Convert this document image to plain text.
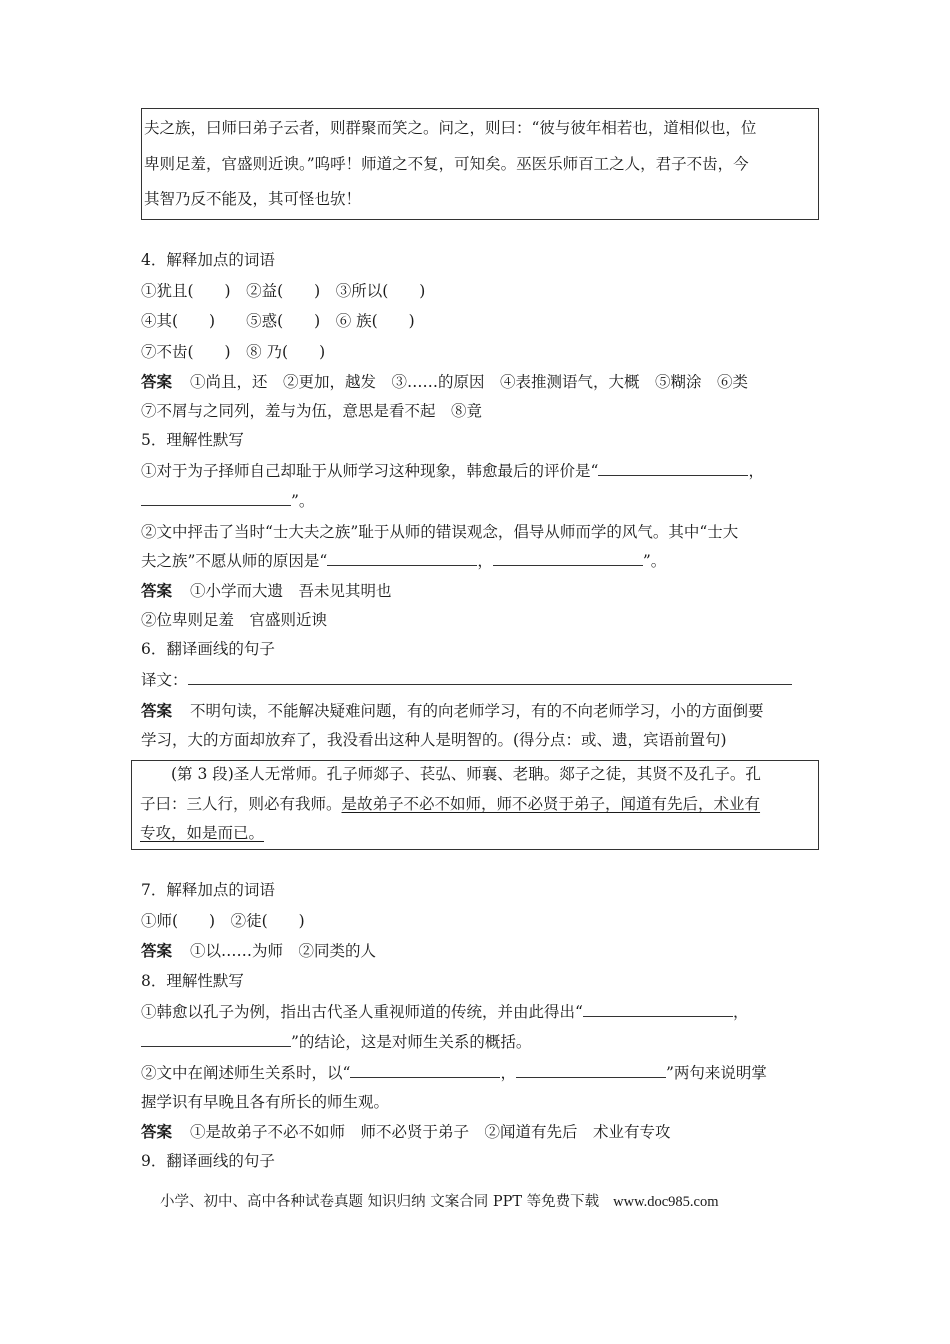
夫之族，曰师曰弟子云者，则群聚而笑之。问之，则曰：“彼与彼年相若也，道相似也，位
卑则足羞，官盛则近谀。”呜呼！师道之不复，可知矣。巫医乐师百工之人，君子不齿，今
其智乃反不能及，其可怪也欤！
4．解释加点的词语
①犹且(　　)　②益(　　)　③所以(　　)
④其(　　)　　⑤惑(　　)　⑥ 族(　　)
⑦不齿(　　)　⑧ 乃(　　)
答案 ①尚且，还　②更加，越发　③……的原因　④表推测语气，大概　⑤糊涂　⑥类
⑦不屑与之同列，羞与为伍，意思是看不起　⑧竟
5．理解性默写
①对于为子择师自己却耻于从师学习这种现象，韩愈最后的评价是“	，
”。
②文中抨击了当时“士大夫之族”耻于从师的错误观念，倡导从师而学的风气。其中“士大
夫之族”不愿从师的原因是“	，	”。
答案 ①小学而大遗　吾未见其明也
②位卑则足羞　官盛则近谀
6．翻译画线的句子
译文：
答案 不明句读，不能解决疑难问题，有的向老师学习，有的不向老师学习，小的方面倒要
学习，大的方面却放弃了，我没看出这种人是明智的。(得分点：或、遗，宾语前置句)
　　(第 3 段)圣人无常师。孔子师郯子、苌弘、师襄、老聃。郯子之徒，其贤不及孔子。孔
子曰：三人行，则必有我师。是故弟子不必不如师，师不必贤于弟子，闻道有先后，术业有
专攻，如是而已。
7．解释加点的词语
①师(　　)　②徒(　　)
答案 ①以……为师　②同类的人
8．理解性默写
①韩愈以孔子为例，指出古代圣人重视师道的传统，并由此得出“	，
”的结论，这是对师生关系的概括。
②文中在阐述师生关系时，以“	，	”两句来说明掌
握学识有早晚且各有所长的师生观。
答案 ①是故弟子不必不如师　师不必贤于弟子　②闻道有先后　术业有专攻
9．翻译画线的句子
小学、初中、高中各种试卷真题 知识归纳 文案合同 PPT 等免费下载 www.doc985.com
